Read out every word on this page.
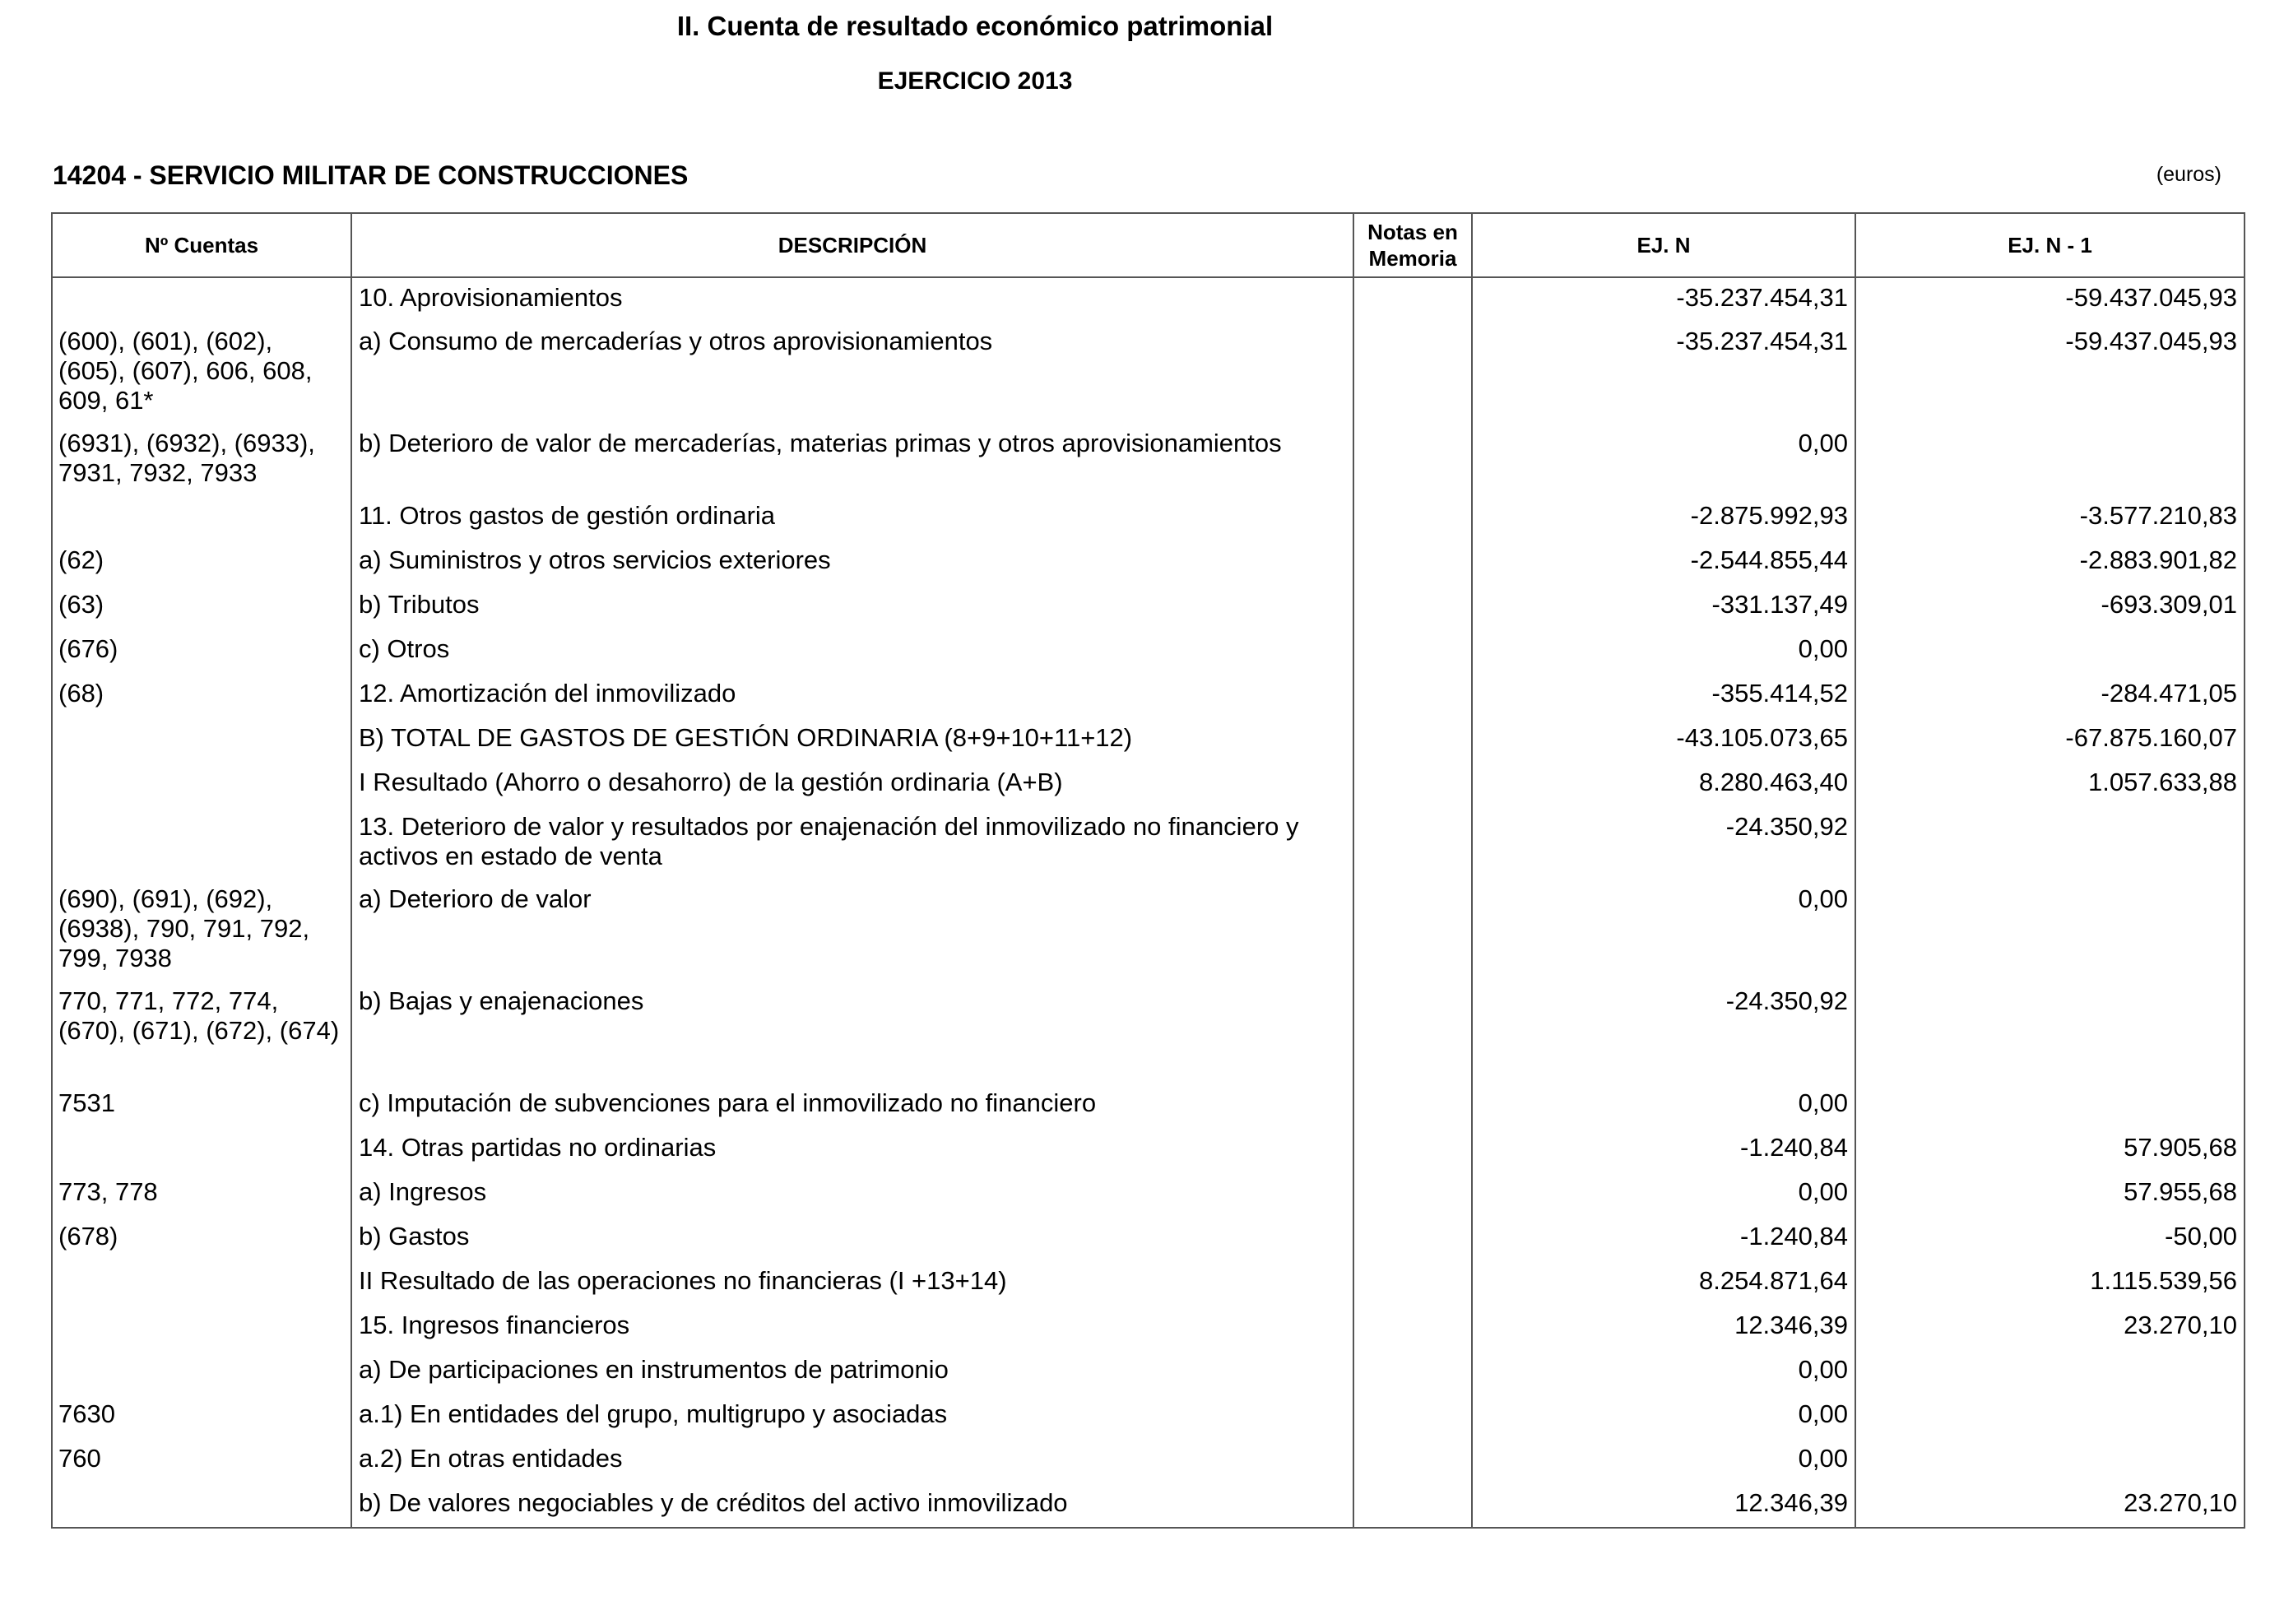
II. Cuenta de resultado económico patrimonial
EJERCICIO 2013
14204 - SERVICIO MILITAR DE CONSTRUCCIONES	(euros)
Nº Cuentas	DESCRIPCIÓN	Notas en Memoria	EJ. N	EJ. N - 1
	10. Aprovisionamientos		-35.237.454,31	-59.437.045,93
(600), (601), (602), (605), (607), 606, 608, 609, 61*	a) Consumo de mercaderías y otros aprovisionamientos		-35.237.454,31	-59.437.045,93
(6931), (6932), (6933), 7931, 7932, 7933	b) Deterioro de valor de mercaderías, materias primas y otros aprovisionamientos		0,00	
	11. Otros gastos de gestión ordinaria		-2.875.992,93	-3.577.210,83
(62)	a) Suministros y otros servicios exteriores		-2.544.855,44	-2.883.901,82
(63)	b) Tributos		-331.137,49	-693.309,01
(676)	c) Otros		0,00	
(68)	12. Amortización del inmovilizado		-355.414,52	-284.471,05
	B) TOTAL DE GASTOS DE GESTIÓN ORDINARIA (8+9+10+11+12)		-43.105.073,65	-67.875.160,07
	I Resultado (Ahorro o desahorro) de la gestión ordinaria (A+B)		8.280.463,40	1.057.633,88
	13. Deterioro de valor y resultados por enajenación del inmovilizado no financiero y activos en estado de venta		-24.350,92	
(690), (691), (692), (6938), 790, 791, 792, 799, 7938	a) Deterioro de valor		0,00	
770, 771, 772, 774, (670), (671), (672), (674)	b) Bajas y enajenaciones		-24.350,92	
7531	c) Imputación de subvenciones para el inmovilizado no financiero		0,00	
	14. Otras partidas no ordinarias		-1.240,84	57.905,68
773, 778	a) Ingresos		0,00	57.955,68
(678)	b) Gastos		-1.240,84	-50,00
	II Resultado de las operaciones no financieras (I +13+14)		8.254.871,64	1.115.539,56
	15. Ingresos financieros		12.346,39	23.270,10
	a) De participaciones en instrumentos de patrimonio		0,00	
7630	a.1) En entidades del grupo, multigrupo y asociadas		0,00	
760	a.2) En otras entidades		0,00	
	b) De valores negociables y de créditos del activo inmovilizado		12.346,39	23.270,10
